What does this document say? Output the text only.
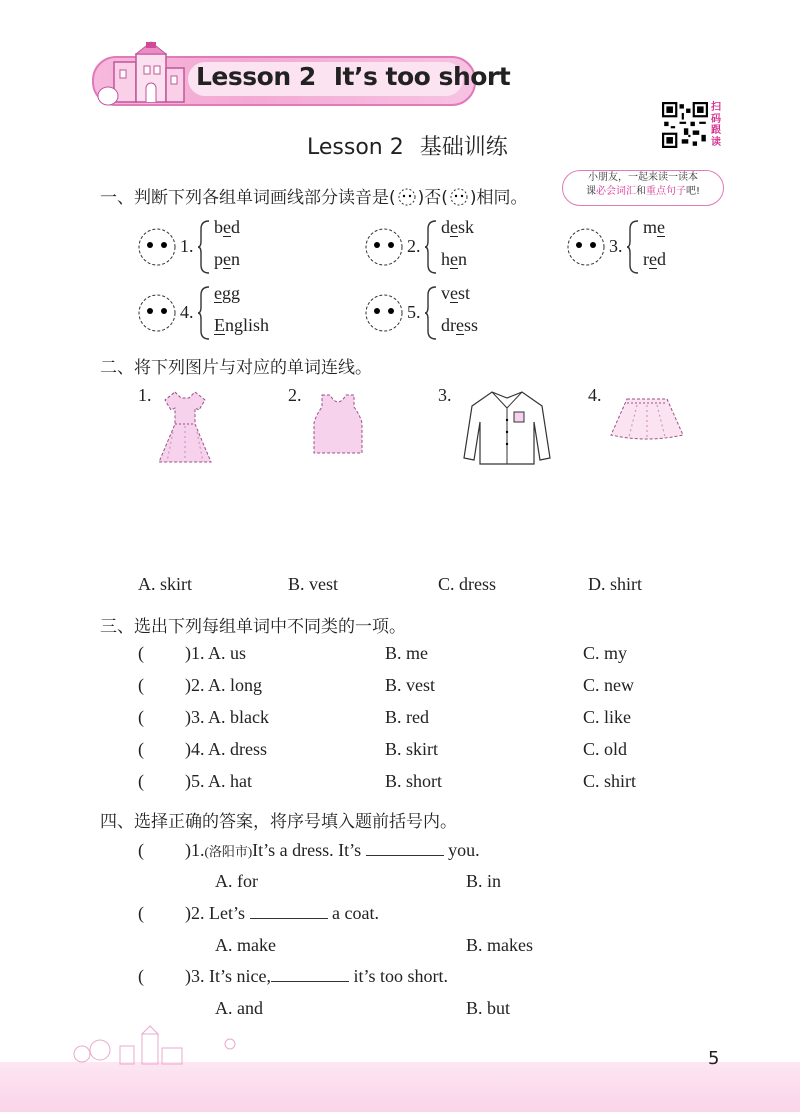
Lesson 2 It’s too short
扫
码
跟
读
Lesson 2 基础训练
小朋友，一起来读一读本
课必会词汇和重点句子吧!
一、判断下列各组单词画线部分读音是( )否( )相同。
1.
bed
pen
2.
desk
hen
3.
me
red
4.
egg
English
5.
vest
dress
二、将下列图片与对应的单词连线。
1.	2.	3.	4.
A. skirt	B. vest	C. dress	D. shirt
三、选出下列每组单词中不同类的一项。
( )1. A. us	B. me	C. my
( )2. A. long	B. vest	C. new
( )3. A. black	B. red	C. like
( )4. A. dress	B. skirt	C. old
( )5. A. hat	B. short	C. shirt
四、选择正确的答案，将序号填入题前括号内。
( )1.(洛阳市)It’s a dress. It’s	you.
A. for	B. in
( )2. Let’s	a coat.
A. make	B. makes
( )3. It’s nice,	it’s too short.
A. and	B. but
5
